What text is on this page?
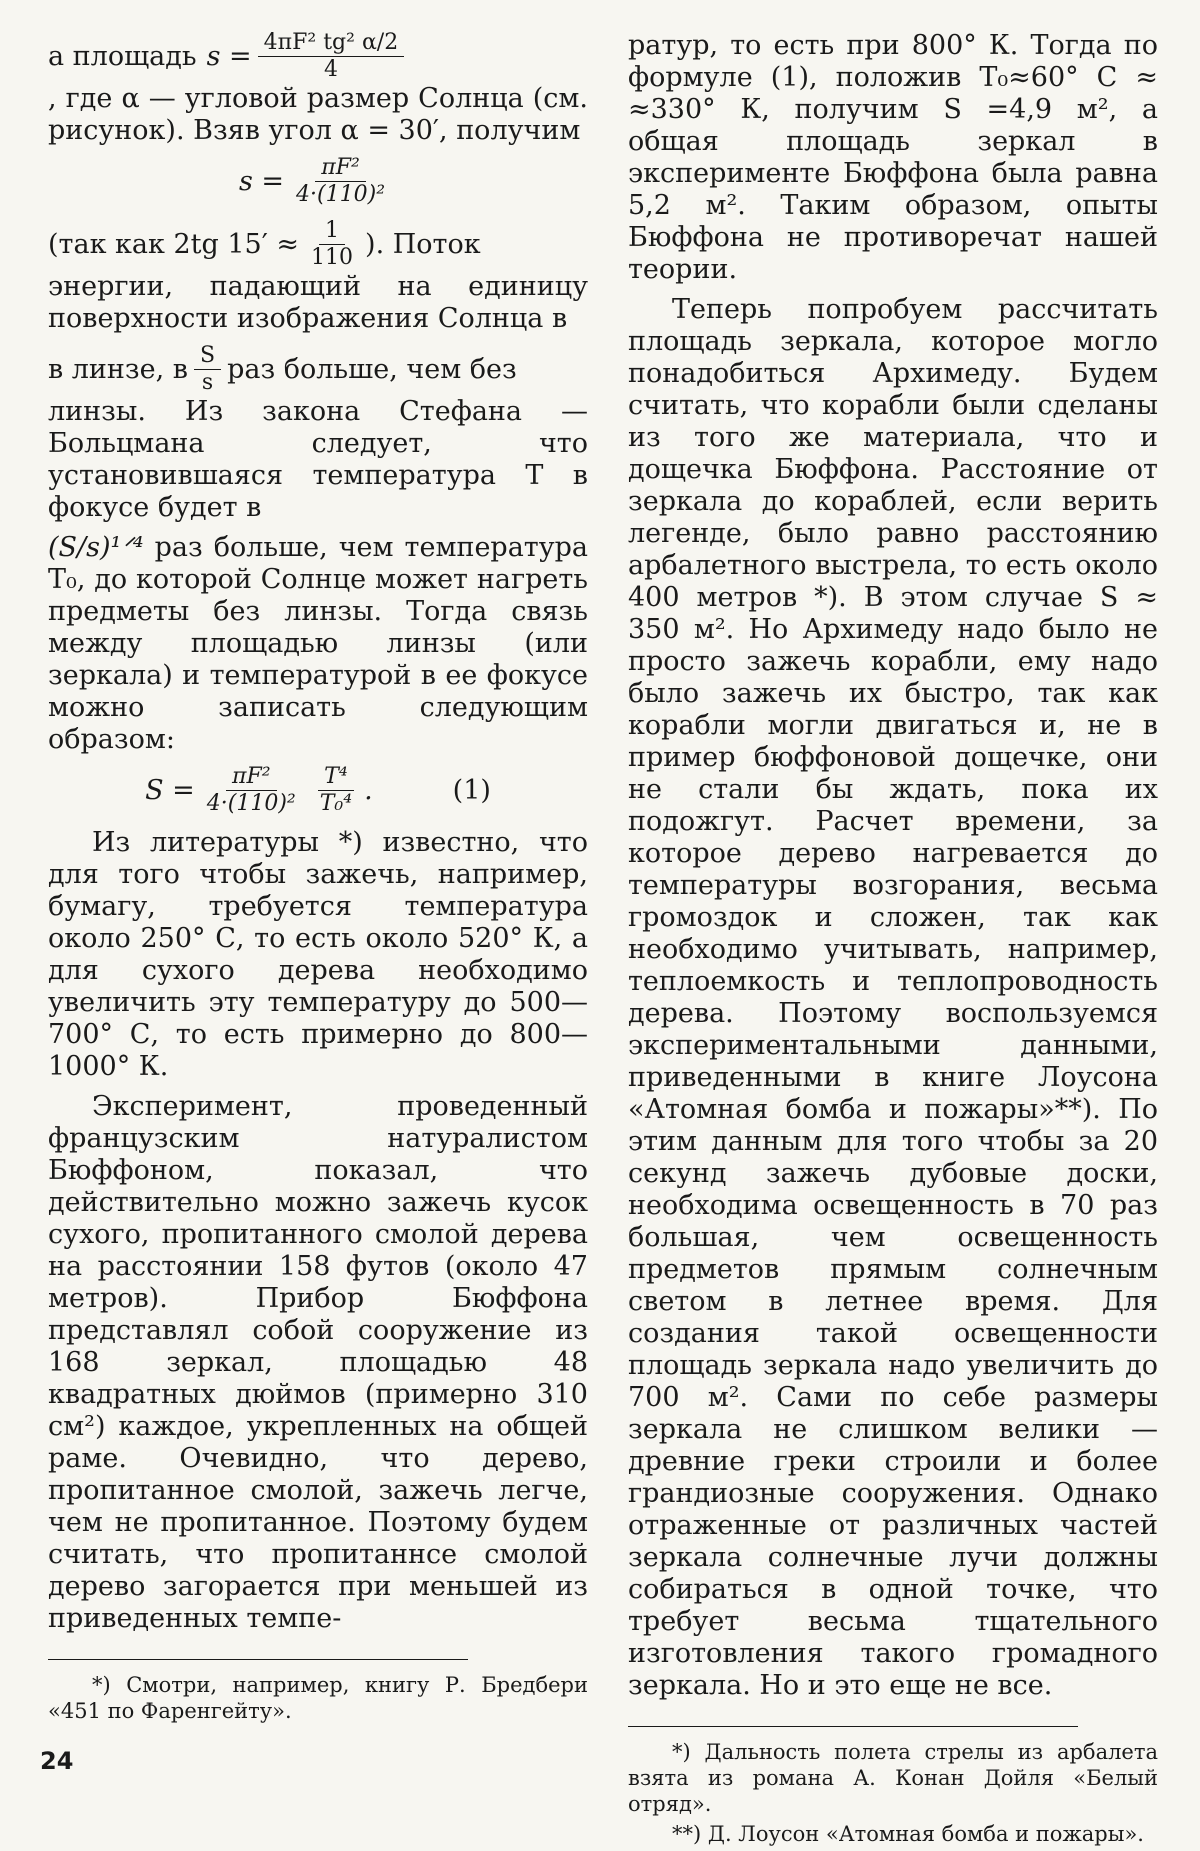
а площадь $s = \frac{\text{4πF² tg² α/2}}{4}$

, где α — угловой размер Солнца (см. рисунок). Взяв угол α = 30′, получим

$s = \frac{\text{πF²}}{\text{4·(110)²}}$
(так как 2tg $15' \approx \frac{1}{110}$ ). Поток

энергии, падающий на единицу поверхности изображения Солнца в

в линзе, в $\frac{S}{s}$ раз больше, чем без

линзы. Из закона Стефана —Больцмана следует, что установившаяся температура T в фокусе будет в

(S/s)¹ᐟ⁴ раз больше, чем температура T₀, до которой Солнце может нагреть предметы без линзы. Тогда связь между площадью линзы (или зеркала) и температурой в ее фокусе можно записать следующим образом:

$S = \frac{\text{πF²}}{\text{4·(110)²}} \frac{\text{T⁴}}{\text{T₀⁴}}$ .	(1)

Из литературы *) известно, что для того чтобы зажечь, например, бумагу, требуется температура около 250° С, то есть около 520° К, а для сухого дерева необходимо увеличить эту температуру до 500—700° С, то есть примерно до 800—1000° К.

Эксперимент, проведенный французским натуралистом Бюффоном, показал, что действительно можно зажечь кусок сухого, пропитанного смолой дерева на расстоянии 158 футов (около 47 метров). Прибор Бюффона представлял собой сооружение из 168 зеркал, площадью 48 квадратных дюймов (примерно 310 см²) каждое, укрепленных на общей раме. Очевидно, что дерево, пропитанное смолой, зажечь легче, чем не пропитанное. Поэтому будем считать, что пропитаннсе смолой дерево загорается при меньшей из приведенных темпе-

*) Смотри, например, книгу Р. Бредбери «451 по Фаренгейту».

ратур, то есть при 800° К. Тогда по формуле (1), положив T₀≈60° С ≈ ≈330° К, получим S =4,9 м², а общая площадь зеркал в эксперименте Бюффона была равна 5,2 м². Таким образом, опыты Бюффона не противоречат нашей теории.

Теперь попробуем рассчитать площадь зеркала, которое могло понадобиться Архимеду. Будем считать, что корабли были сделаны из того же материала, что и дощечка Бюффона. Расстояние от зеркала до кораблей, если верить легенде, было равно расстоянию арбалетного выстрела, то есть около 400 метров *). В этом случае S ≈ 350 м². Но Архимеду надо было не просто зажечь корабли, ему надо было зажечь их быстро, так как корабли могли двигаться и, не в пример бюффоновой дощечке, они не стали бы ждать, пока их подожгут. Расчет времени, за которое дерево нагревается до температуры возгорания, весьма громоздок и сложен, так как необходимо учитывать, например, теплоемкость и теплопроводность дерева. Поэтому воспользуемся экспериментальными данными, приведенными в книге Лоусона «Атомная бомба и пожары»**). По этим данным для того чтобы за 20 секунд зажечь дубовые доски, необходима освещенность в 70 раз большая, чем освещенность предметов прямым солнечным светом в летнее время. Для создания такой освещенности площадь зеркала надо увеличить до 700 м². Сами по себе размеры зеркала не слишком велики — древние греки строили и более грандиозные сооружения. Однако отраженные от различных частей зеркала солнечные лучи должны собираться в одной точке, что требует весьма тщательного изготовления такого громадного зеркала. Но и это еще не все.

*) Дальность полета стрелы из арбалета взята из романа А. Конан Дойля «Белый отряд».

**) Д. Лоусон «Атомная бомба и пожары».

24
